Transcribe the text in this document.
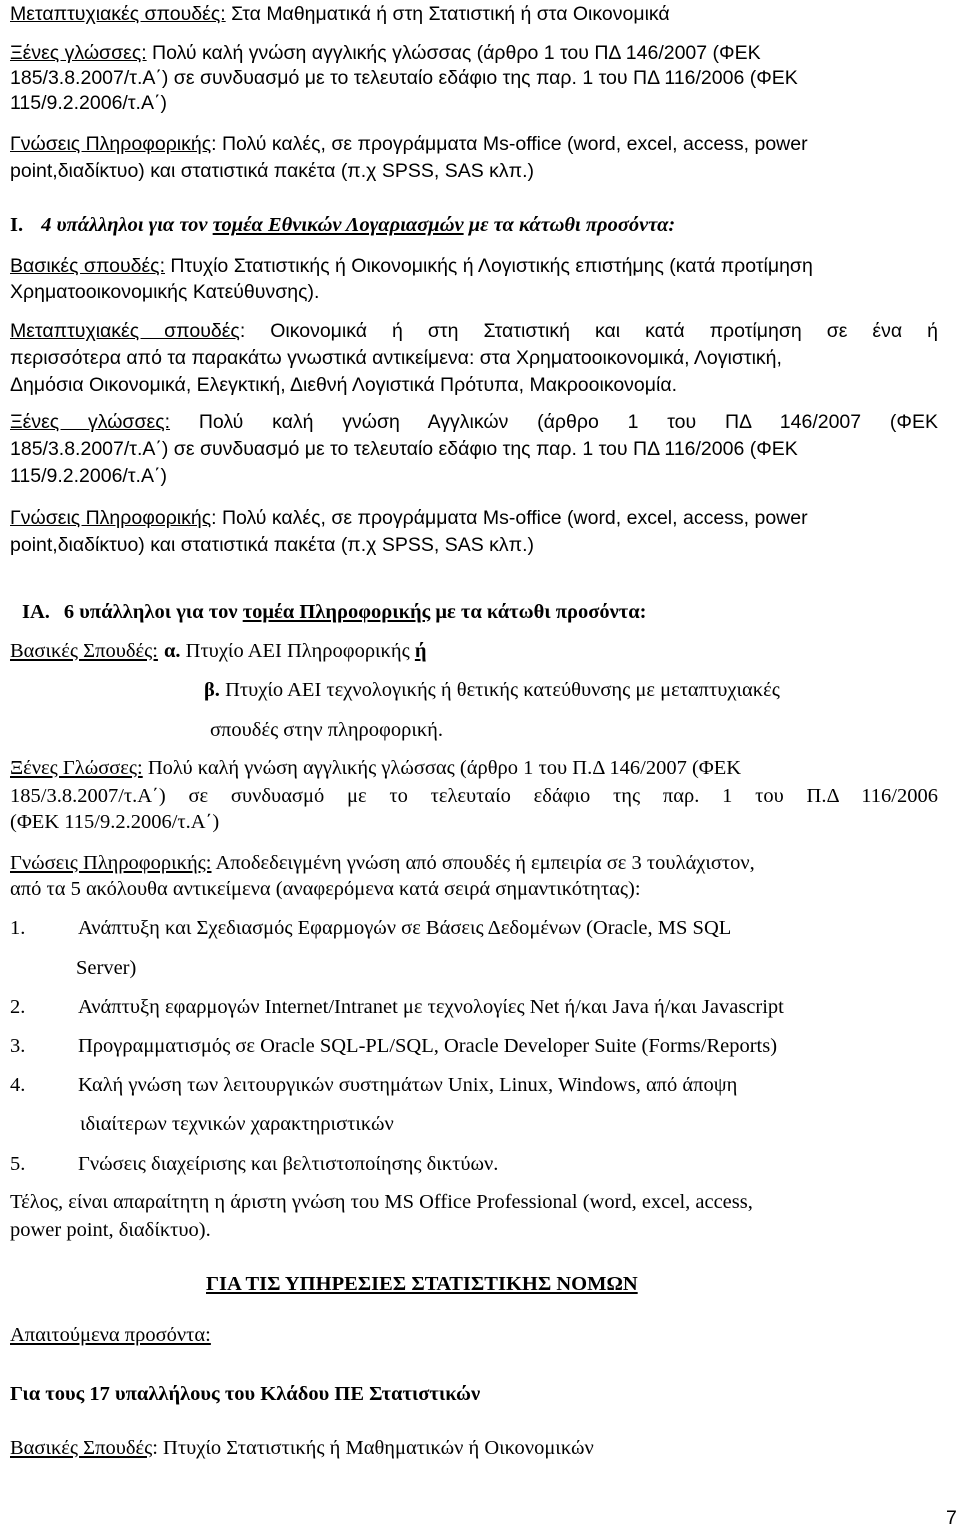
Μεταπτυχιακές σπουδές: Στα Μαθηματικά ή στη Στατιστική ή στα Οικονομικά
Ξένες γλώσσες: Πολύ καλή γνώση αγγλικής γλώσσας (άρθρο 1 του ΠΔ 146/2007 (ΦΕΚ
185/3.8.2007/τ.Α΄) σε συνδυασμό με το τελευταίο εδάφιο της παρ. 1 του ΠΔ 116/2006 (ΦΕΚ
115/9.2.2006/τ.Α΄)
Γνώσεις Πληροφορικής: Πολύ καλές, σε προγράμματα Ms-office (word, excel, access, power
point,διαδίκτυο) και στατιστικά πακέτα (π.χ SPSS, SAS κλπ.)
Ι. 4 υπάλληλοι για τον τομέα Εθνικών Λογαριασμών με τα κάτωθι προσόντα:
Βασικές σπουδές: Πτυχίο Στατιστικής ή Οικονομικής ή Λογιστικής επιστήμης (κατά προτίμηση
Χρηματοοικονομικής Κατεύθυνσης).
Μεταπτυχιακές σπουδές: Οικονομικά ή στη Στατιστική και κατά προτίμηση σε ένα ή
περισσότερα από τα παρακάτω γνωστικά αντικείμενα: στα Χρηματοοικονομικά, Λογιστική,
Δημόσια Οικονομικά, Ελεγκτική, Διεθνή Λογιστικά Πρότυπα, Μακροοικονομία.
Ξένες γλώσσες: Πολύ καλή γνώση Αγγλικών (άρθρο 1 του ΠΔ 146/2007 (ΦΕΚ
185/3.8.2007/τ.Α΄) σε συνδυασμό με το τελευταίο εδάφιο της παρ. 1 του ΠΔ 116/2006 (ΦΕΚ
115/9.2.2006/τ.Α΄)
Γνώσεις Πληροφορικής: Πολύ καλές, σε προγράμματα Ms-office (word, excel, access, power
point,διαδίκτυο) και στατιστικά πακέτα (π.χ SPSS, SAS κλπ.)
ΙΑ. 6 υπάλληλοι για τον τομέα Πληροφορικής με τα κάτωθι προσόντα:
Βασικές Σπουδές: α. Πτυχίο ΑΕΙ Πληροφορικής ή
β. Πτυχίο ΑΕΙ τεχνολογικής ή θετικής κατεύθυνσης με μεταπτυχιακές
σπουδές στην πληροφορική.
Ξένες Γλώσσες: Πολύ καλή γνώση αγγλικής γλώσσας (άρθρο 1 του Π.Δ 146/2007 (ΦΕΚ
185/3.8.2007/τ.Α΄) σε συνδυασμό με το τελευταίο εδάφιο της παρ. 1 του Π.Δ 116/2006
(ΦΕΚ 115/9.2.2006/τ.Α΄)
Γνώσεις Πληροφορικής: Αποδεδειγμένη γνώση από σπουδές ή εμπειρία σε 3 τουλάχιστον,
από τα 5 ακόλουθα αντικείμενα (αναφερόμενα κατά σειρά σημαντικότητας):
1.	Ανάπτυξη και Σχεδιασμός Εφαρμογών σε Βάσεις Δεδομένων (Oracle, MS SQL
Server)
2.	Ανάπτυξη εφαρμογών Internet/Intranet με τεχνολογίες Net ή/και Java ή/και Javascript
3.	Προγραμματισμός σε Oracle SQL-PL/SQL, Oracle Developer Suite (Forms/Reports)
4.	Καλή γνώση των λειτουργικών συστημάτων Unix, Linux, Windows, από άποψη
ιδιαίτερων τεχνικών χαρακτηριστικών
5.	Γνώσεις διαχείρισης και βελτιστοποίησης δικτύων.
Τέλος, είναι απαραίτητη η άριστη γνώση του MS Office Professional (word, excel, access,
power point, διαδίκτυο).
ΓΙΑ ΤΙΣ ΥΠΗΡΕΣΙΕΣ ΣΤΑΤΙΣΤΙΚΗΣ ΝΟΜΩΝ
Απαιτούμενα προσόντα:
Για τους 17 υπαλλήλους του Κλάδου ΠΕ Στατιστικών
Βασικές Σπουδές: Πτυχίο Στατιστικής ή Μαθηματικών ή Οικονομικών
7
